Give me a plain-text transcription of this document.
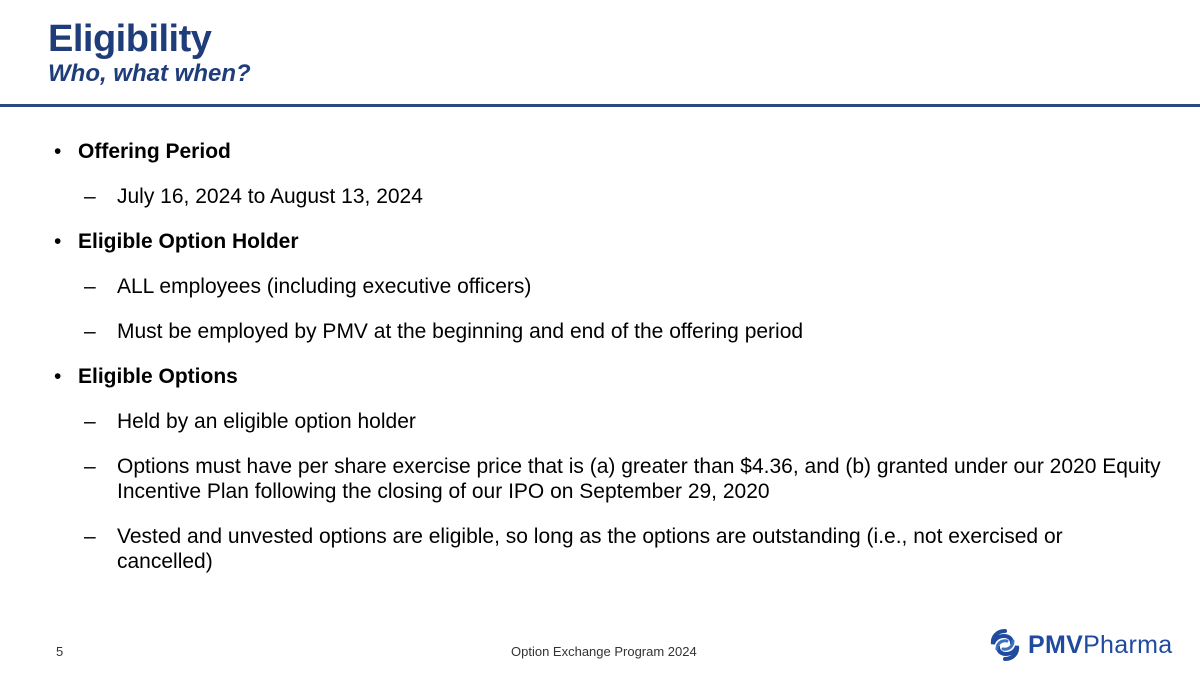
Eligibility
Who, what when?
• Offering Period
– July 16, 2024 to August 13, 2024
• Eligible Option Holder
– ALL employees (including executive officers)
– Must be employed by PMV at the beginning and end of the offering period
• Eligible Options
– Held by an eligible option holder
– Options must have per share exercise price that is (a) greater than $4.36, and (b) granted under our 2020 Equity Incentive Plan following the closing of our IPO on September 29, 2020
– Vested and unvested options are eligible, so long as the options are outstanding (i.e., not exercised or cancelled)
5	Option Exchange Program 2024	PMVPharma
